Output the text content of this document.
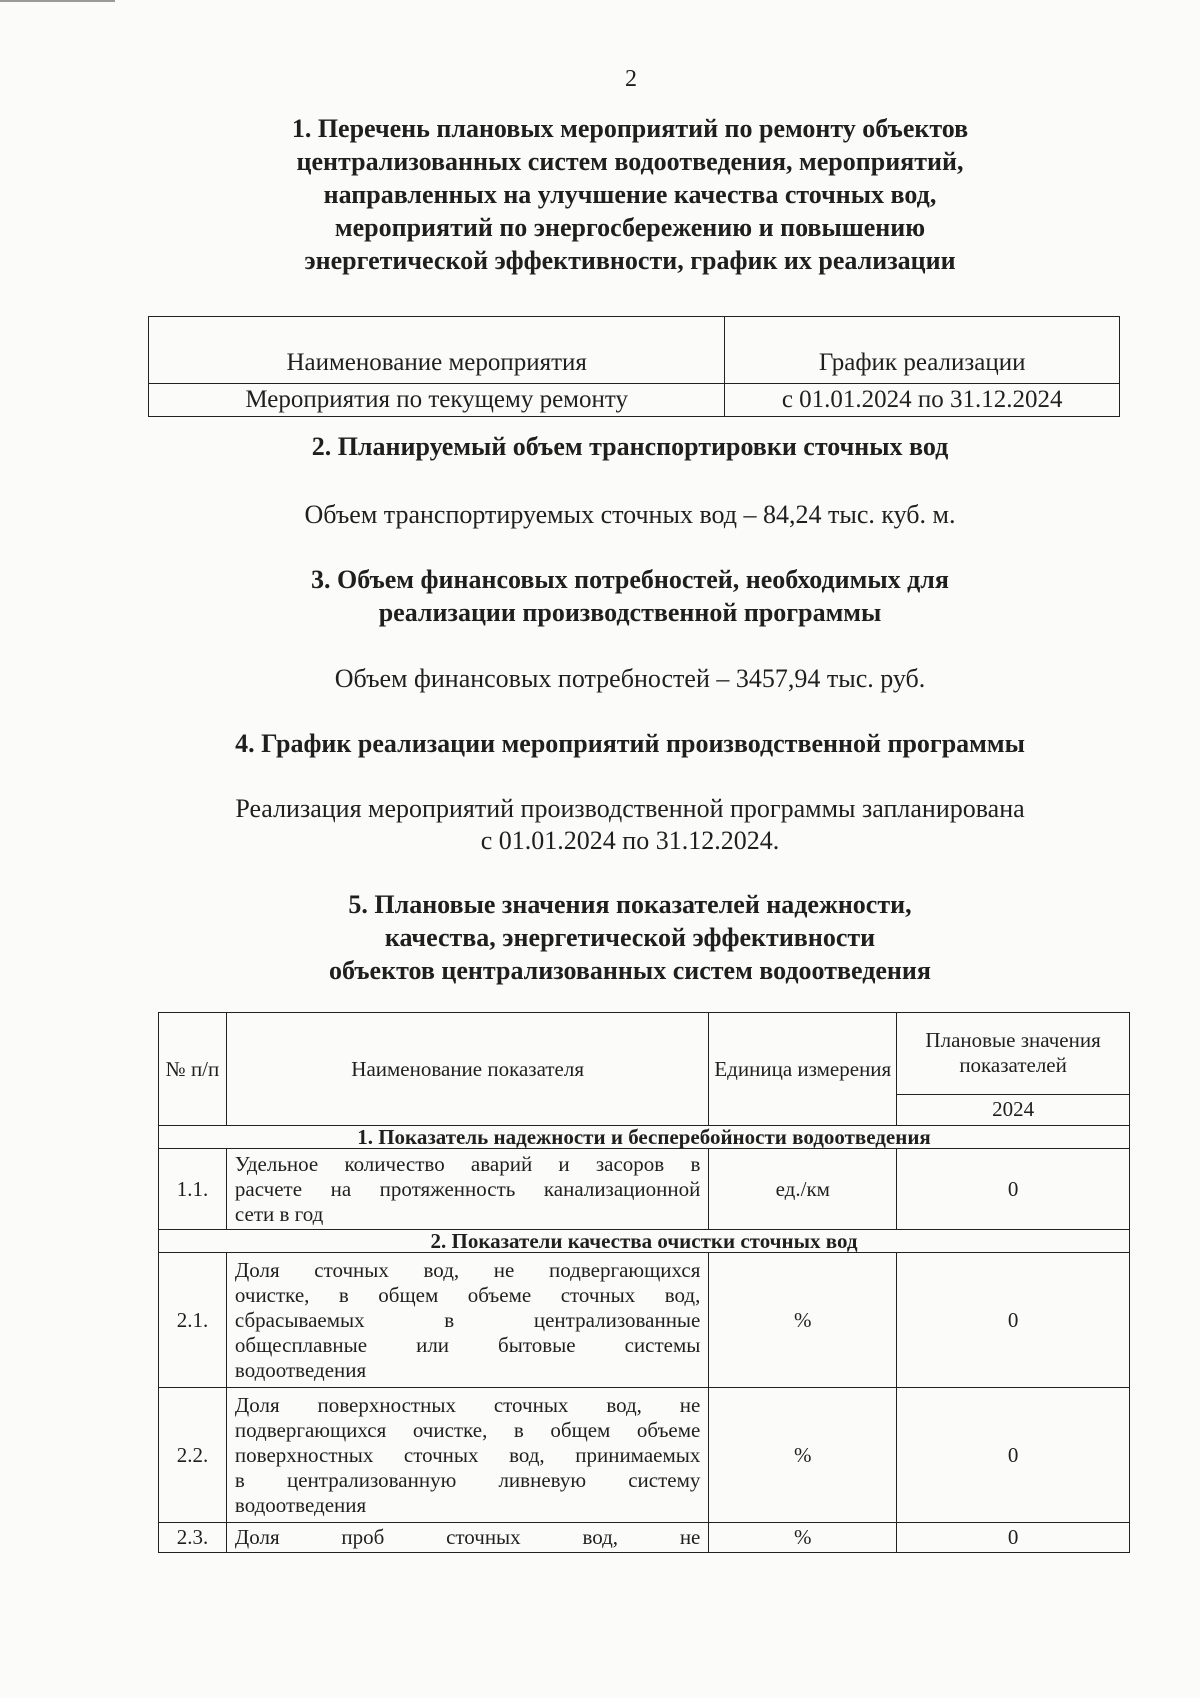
2
1. Перечень плановых мероприятий по ремонту объектов
централизованных систем водоотведения, мероприятий,
направленных на улучшение качества сточных вод,
мероприятий по энергосбережению и повышению
энергетической эффективности, график их реализации
Наименование мероприятия	График реализации
Мероприятия по текущему ремонту	с 01.01.2024 по 31.12.2024
2. Планируемый объем транспортировки сточных вод
Объем транспортируемых сточных вод – 84,24 тыс. куб. м.
3. Объем финансовых потребностей, необходимых для
реализации производственной программы
Объем финансовых потребностей – 3457,94 тыс. руб.
4. График реализации мероприятий производственной программы
Реализация мероприятий производственной программы запланирована
с 01.01.2024 по 31.12.2024.
5. Плановые значения показателей надежности,
качества, энергетической эффективности
объектов централизованных систем водоотведения
№ п/п	Наименование показателя	Единица измерения	Плановые значения показателей
			2024
1. Показатель надежности и бесперебойности водоотведения			
1.1.	Удельное количество аварий и засоров в
расчете на протяженность канализационной
сети в год	ед./км	0
2. Показатели качества очистки сточных вод			
2.1.	Доля сточных вод, не подвергающихся
очистке, в общем объеме сточных вод,
сбрасываемых в централизованные
общесплавные или бытовые системы
водоотведения	%	0
2.2.	Доля поверхностных сточных вод, не
подвергающихся очистке, в общем объеме
поверхностных сточных вод, принимаемых
в централизованную ливневую систему
водоотведения	%	0
2.3.	Доля проб сточных вод, не	%	0
